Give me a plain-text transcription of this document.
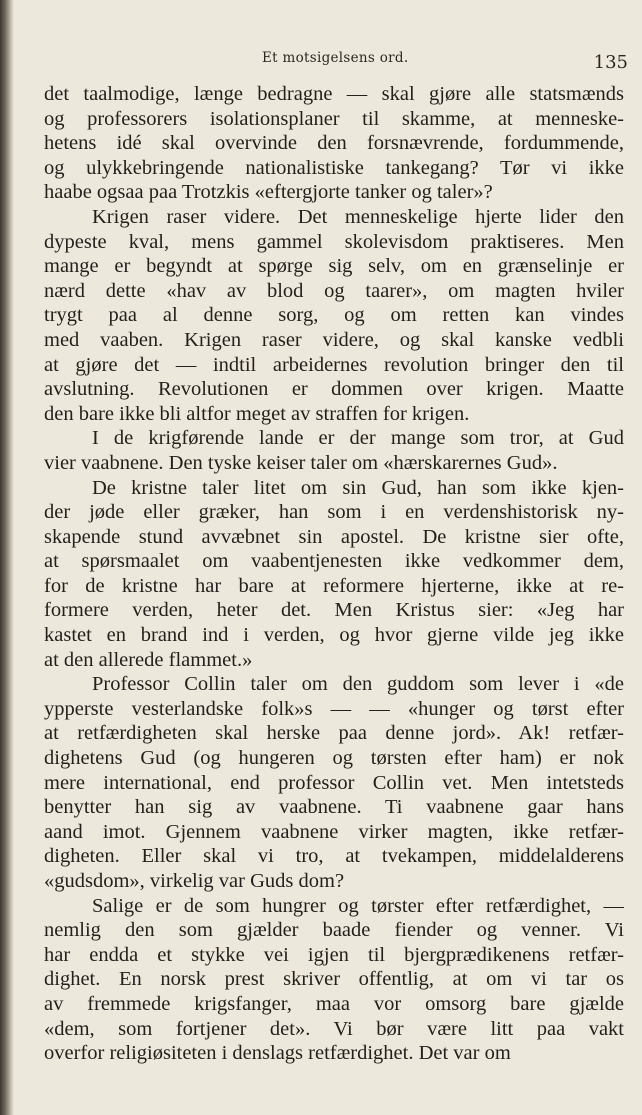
Et motsigelsens ord.	135

det taalmodige, længe bedragne — skal gjøre alle statsmænds
og professorers isolationsplaner til skamme, at menneske-
hetens idé skal overvinde den forsnævrende, fordummende,
og ulykkebringende nationalistiske tankegang? Tør vi ikke
haabe ogsaa paa Trotzkis «eftergjorte tanker og taler»?

Krigen raser videre. Det menneskelige hjerte lider den
dypeste kval, mens gammel skolevisdom praktiseres. Men
mange er begyndt at spørge sig selv, om en grænselinje er
nærd dette «hav av blod og taarer», om magten hviler
trygt paa al denne sorg, og om retten kan vindes
med vaaben. Krigen raser videre, og skal kanske vedbli
at gjøre det — indtil arbeidernes revolution bringer den til
avslutning. Revolutionen er dommen over krigen. Maatte
den bare ikke bli altfor meget av straffen for krigen.

I de krigførende lande er der mange som tror, at Gud
vier vaabnene. Den tyske keiser taler om «hærskarernes Gud».

De kristne taler litet om sin Gud, han som ikke kjen-
der jøde eller græker, han som i en verdenshistorisk ny-
skapende stund avvæbnet sin apostel. De kristne sier ofte,
at spørsmaalet om vaabentjenesten ikke vedkommer dem,
for de kristne har bare at reformere hjerterne, ikke at re-
formere verden, heter det. Men Kristus sier: «Jeg har
kastet en brand ind i verden, og hvor gjerne vilde jeg ikke
at den allerede flammet.»

Professor Collin taler om den guddom som lever i «de
ypperste vesterlandske folk»s — — «hunger og tørst efter
at retfærdigheten skal herske paa denne jord». Ak! retfær-
dighetens Gud (og hungeren og tørsten efter ham) er nok
mere international, end professor Collin vet. Men intetsteds
benytter han sig av vaabnene. Ti vaabnene gaar hans
aand imot. Gjennem vaabnene virker magten, ikke retfær-
digheten. Eller skal vi tro, at tvekampen, middelalderens
«gudsdom», virkelig var Guds dom?

Salige er de som hungrer og tørster efter retfærdighet, —
nemlig den som gjælder baade fiender og venner. Vi
har endda et stykke vei igjen til bjergprædikenens retfær-
dighet. En norsk prest skriver offentlig, at om vi tar os
av fremmede krigsfanger, maa vor omsorg bare gjælde
«dem, som fortjener det». Vi bør være litt paa vakt
overfor religiøsiteten i denslags retfærdighet. Det var om
